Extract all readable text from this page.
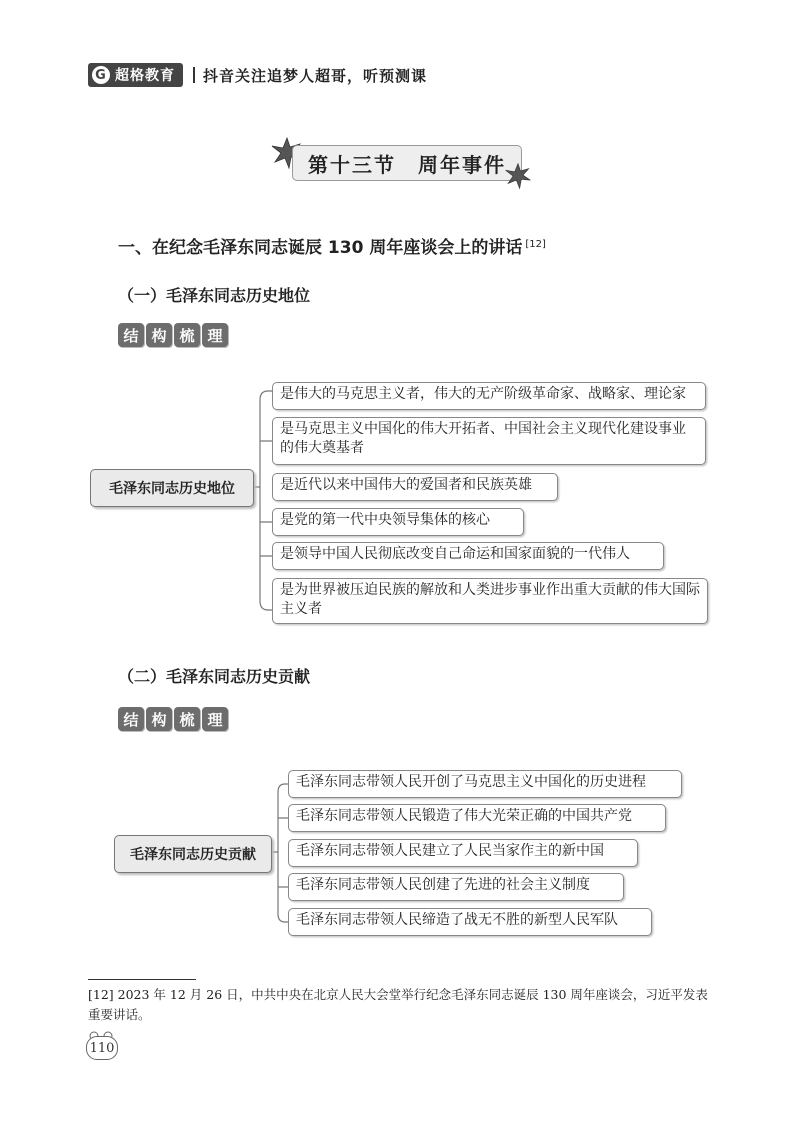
G 超格教育 抖音关注追梦人超哥，听预测课
第十三节 周年事件
一、在纪念毛泽东同志诞辰 130 周年座谈会上的讲话 [12]
（一）毛泽东同志历史地位
结 构 梳 理
毛泽东同志历史地位
是伟大的马克思主义者，伟大的无产阶级革命家、战略家、理论家
是马克思主义中国化的伟大开拓者、中国社会主义现代化建设事业的伟大奠基者
是近代以来中国伟大的爱国者和民族英雄
是党的第一代中央领导集体的核心
是领导中国人民彻底改变自己命运和国家面貌的一代伟人
是为世界被压迫民族的解放和人类进步事业作出重大贡献的伟大国际主义者
（二）毛泽东同志历史贡献
结 构 梳 理
毛泽东同志历史贡献
毛泽东同志带领人民开创了马克思主义中国化的历史进程
毛泽东同志带领人民锻造了伟大光荣正确的中国共产党
毛泽东同志带领人民建立了人民当家作主的新中国
毛泽东同志带领人民创建了先进的社会主义制度
毛泽东同志带领人民缔造了战无不胜的新型人民军队
[12] 2023 年 12 月 26 日，中共中央在北京人民大会堂举行纪念毛泽东同志诞辰 130 周年座谈会，习近平发表重要讲话。
110
